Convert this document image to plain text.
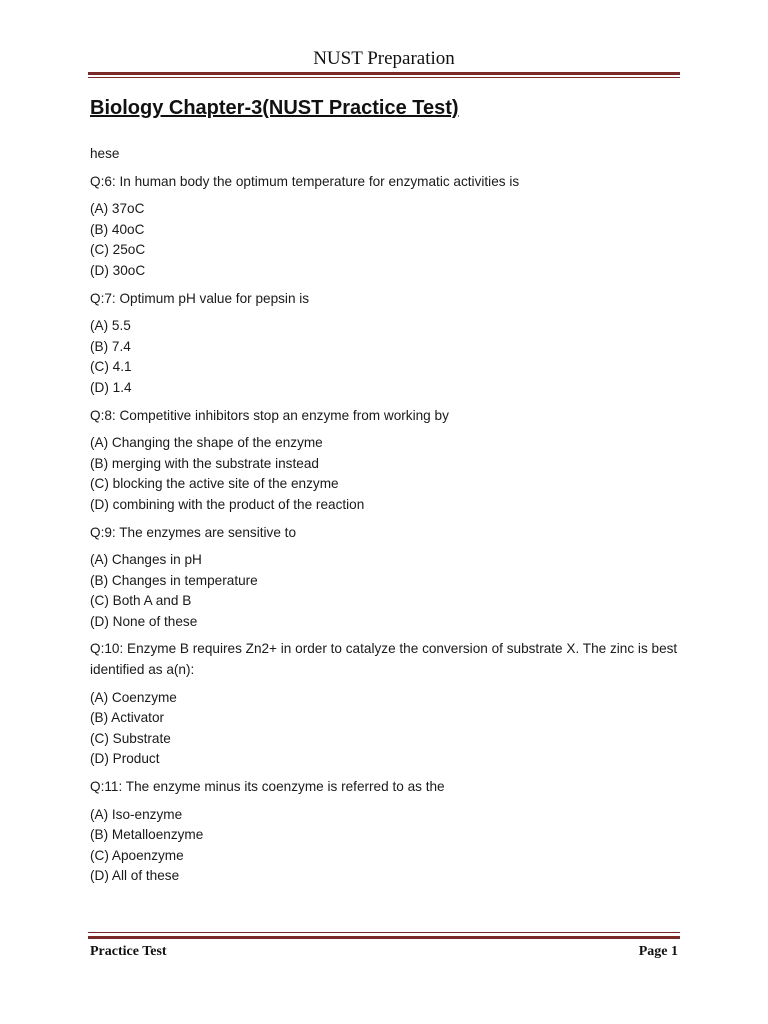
NUST Preparation
Biology Chapter-3(NUST Practice Test)

hese

Q:6: In human body the optimum temperature for enzymatic activities is
(A) 37oC
(B) 40oC
(C) 25oC
(D) 30oC
Q:7: Optimum pH value for pepsin is
(A) 5.5
(B) 7.4
(C) 4.1
(D) 1.4
Q:8: Competitive inhibitors stop an enzyme from working by
(A) Changing the shape of the enzyme
(B) merging with the substrate instead
(C) blocking the active site of the enzyme
(D) combining with the product of the reaction
Q:9: The enzymes are sensitive to
(A) Changes in pH
(B) Changes in temperature
(C) Both A and B
(D) None of these
Q:10: Enzyme B requires Zn2+ in order to catalyze the conversion of substrate X. The zinc is best identified as a(n):
(A) Coenzyme
(B) Activator
(C) Substrate
(D) Product
Q:11: The enzyme minus its coenzyme is referred to as the
(A) Iso-enzyme
(B) Metalloenzyme
(C) Apoenzyme
(D) All of these
Practice Test	Page 1
